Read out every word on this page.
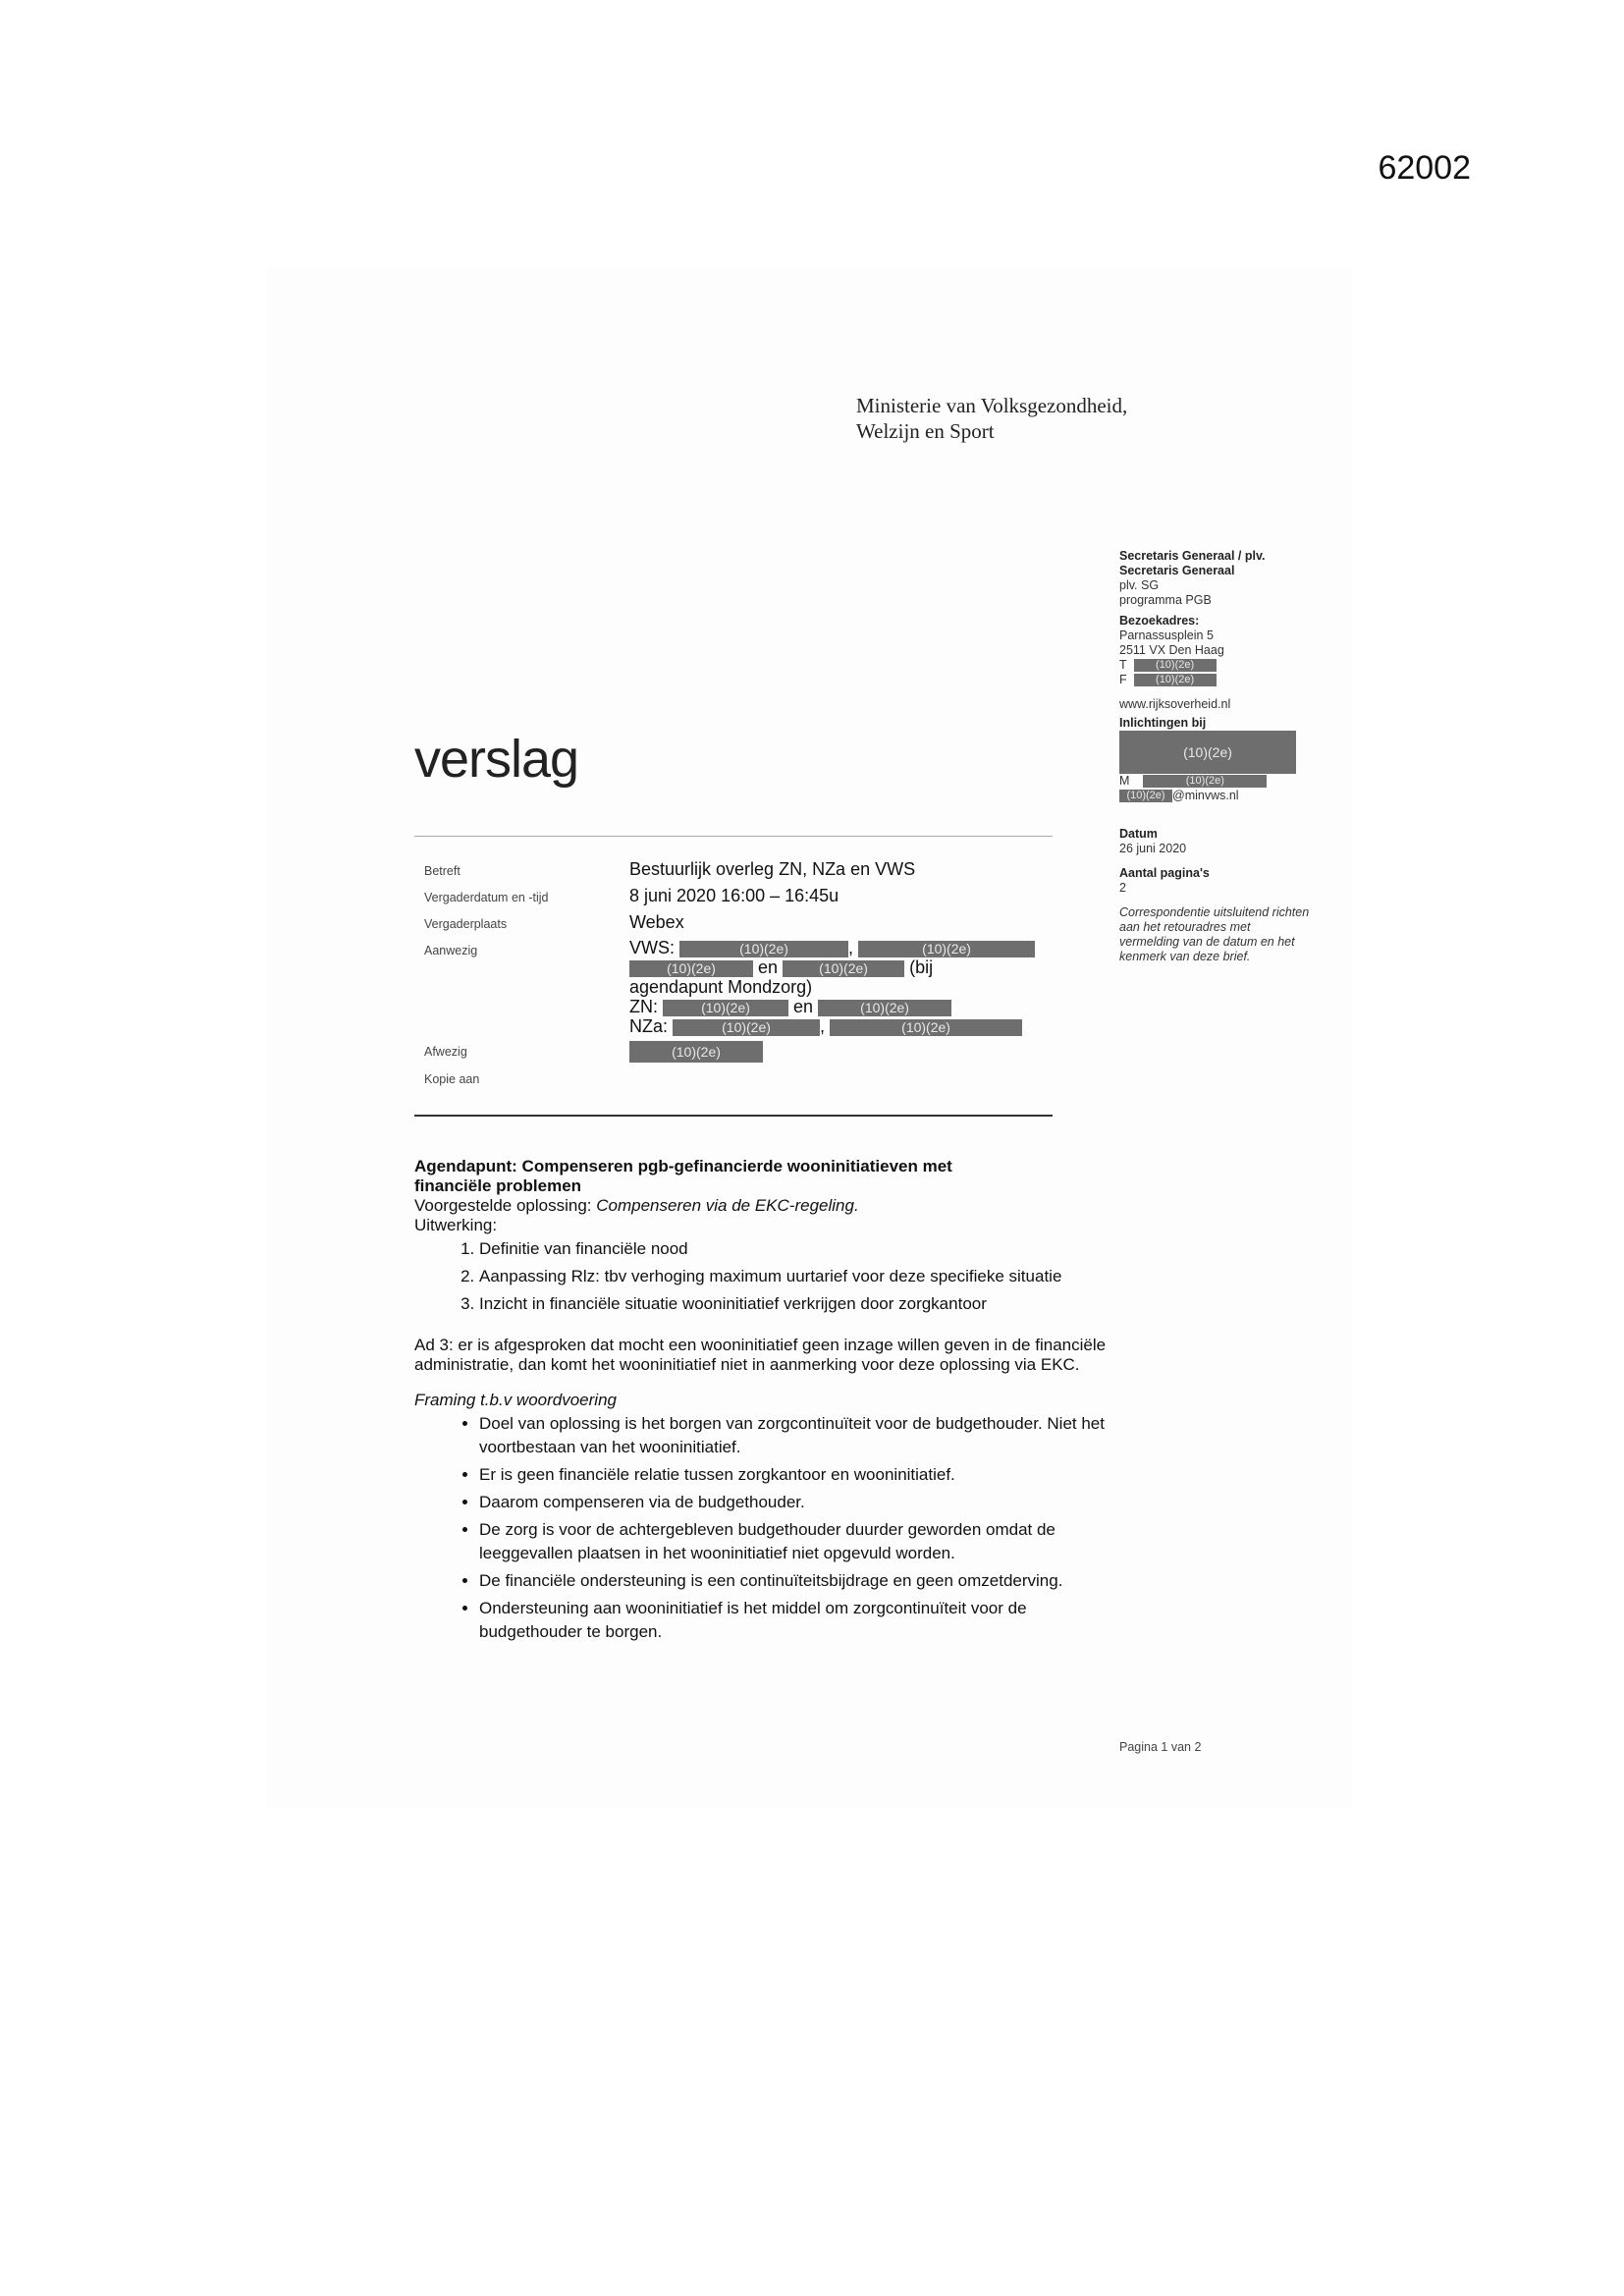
62002
Ministerie van Volksgezondheid,
Welzijn en Sport
Secretaris Generaal / plv.
Secretaris Generaal
plv. SG
programma PGB
Bezoekadres:
Parnassusplein 5
2511 VX Den Haag
T	(10)(2e)
F	(10)(2e)
www.rijksoverheid.nl
Inlichtingen bij
(10)(2e)
M	(10)(2e)
(10)(2e) @minvws.nl
Datum
26 juni 2020
Aantal pagina's
2
Correspondentie uitsluitend richten aan het retouradres met vermelding van de datum en het kenmerk van deze brief.
verslag
Betreft	Bestuurlijk overleg ZN, NZa en VWS
Vergaderdatum en -tijd	8 juni 2020 16:00 – 16:45u
Vergaderplaats	Webex
Aanwezig	VWS:	(10)(2e)	,	(10)(2e)
(10)(2e) en	(10)(2e) (bij
agendapunt Mondzorg)
ZN:	(10)(2e) en	(10)(2e)
NZa:	(10)(2e)	,	(10)(2e)
Afwezig	(10)(2e)
Kopie aan

Agendapunt: Compenseren pgb-gefinancierde wooninitiatieven met

financiële problemen

Voorgestelde oplossing: Compenseren via de EKC-regeling.

Uitwerking:

1. Definitie van financiële nood
2. Aanpassing Rlz: tbv verhoging maximum uurtarief voor deze specifieke situatie
3. Inzicht in financiële situatie wooninitiatief verkrijgen door zorgkantoor

Ad 3: er is afgesproken dat mocht een wooninitiatief geen inzage willen geven in de financiële administratie, dan komt het wooninitiatief niet in aanmerking voor deze oplossing via EKC.

Framing t.b.v woordvoering

• Doel van oplossing is het borgen van zorgcontinuïteit voor de budgethouder. Niet het voortbestaan van het wooninitiatief.
• Er is geen financiële relatie tussen zorgkantoor en wooninitiatief.
• Daarom compenseren via de budgethouder.
• De zorg is voor de achtergebleven budgethouder duurder geworden omdat de leeggevallen plaatsen in het wooninitiatief niet opgevuld worden.
• De financiële ondersteuning is een continuïteitsbijdrage en geen omzetderving.
• Ondersteuning aan wooninitiatief is het middel om zorgcontinuïteit voor de budgethouder te borgen.
Pagina 1 van 2
